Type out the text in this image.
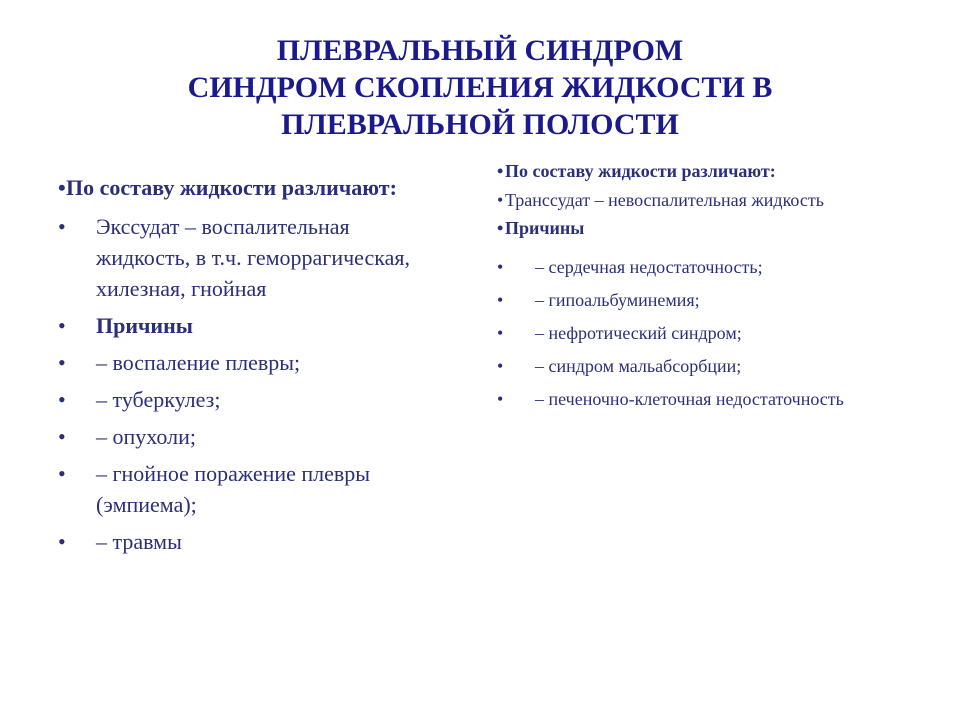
ПЛЕВРАЛЬНЫЙ СИНДРОМ
СИНДРОМ СКОПЛЕНИЯ ЖИДКОСТИ В
ПЛЕВРАЛЬНОЙ ПОЛОСТИ
• По составу жидкости различают:
•	Экссудат – воспалительная жидкость, в т.ч. геморрагическая, хилезная, гнойная
•	Причины
•	– воспаление плевры;
•	– туберкулез;
•	– опухоли;
•	– гнойное поражение плевры (эмпиема);
•	– травмы
• По составу жидкости различают:
• Транссудат – невоспалительная жидкость
• Причины
•	– сердечная недостаточность;
•	– гипоальбуминемия;
•	– нефротический синдром;
•	– синдром мальабсорбции;
•	– печеночно-клеточная недостаточность
